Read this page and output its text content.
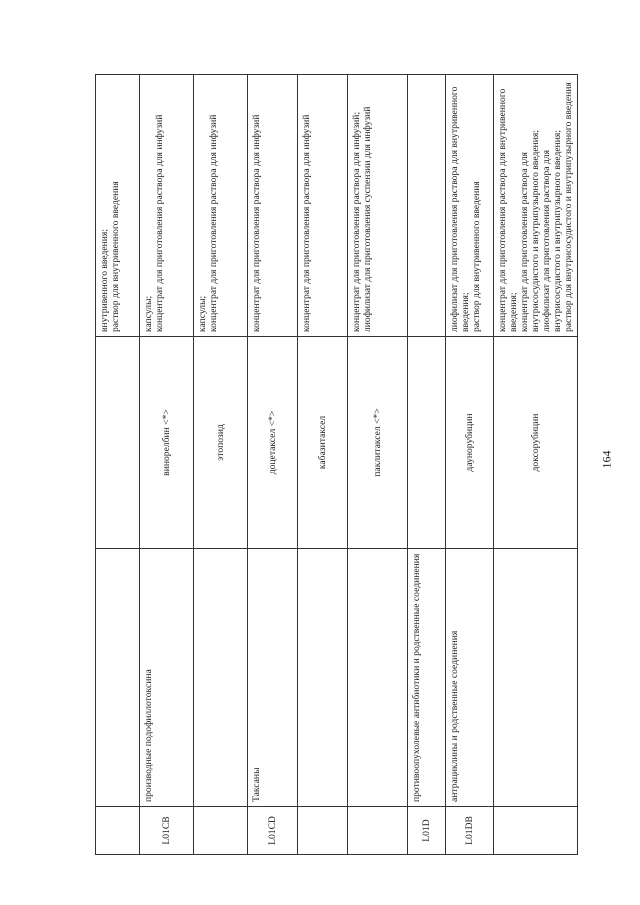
			внутривенного введения; раствор для внутривенного введения

L01CB	производные подофиллотоксина	винорелбин <*>	капсулы; концентрат для приготовления раствора для инфузий

		этопозид	капсулы; концентрат для приготовления раствора для инфузий

L01CD	Таксаны	доцетаксел <*>	концентрат для приготовления раствора для инфузий

		кабазитаксел	концентрат для приготовления раствора для инфузий

		паклитаксел <*>	концентрат для приготовления раствора для инфузий; лиофилизат для приготовления суспензии для инфузий

L01D	противоопухолевые антибиотики и родственные соединения		
L01DB	антрациклины и родственные соединения	даунорубицин	лиофилизат для приготовления раствора для внутривенного введения; раствор для внутривенного введения

		доксорубицин	концентрат для приготовления раствора для внутривенного введения; концентрат для приготовления раствора для внутрисосудистого и внутрипузырного введения; лиофилизат для приготовления раствора для внутрисосудистого и внутрипузырного введения; раствор для внутрисосудистого и внутрипузырного введения
164
